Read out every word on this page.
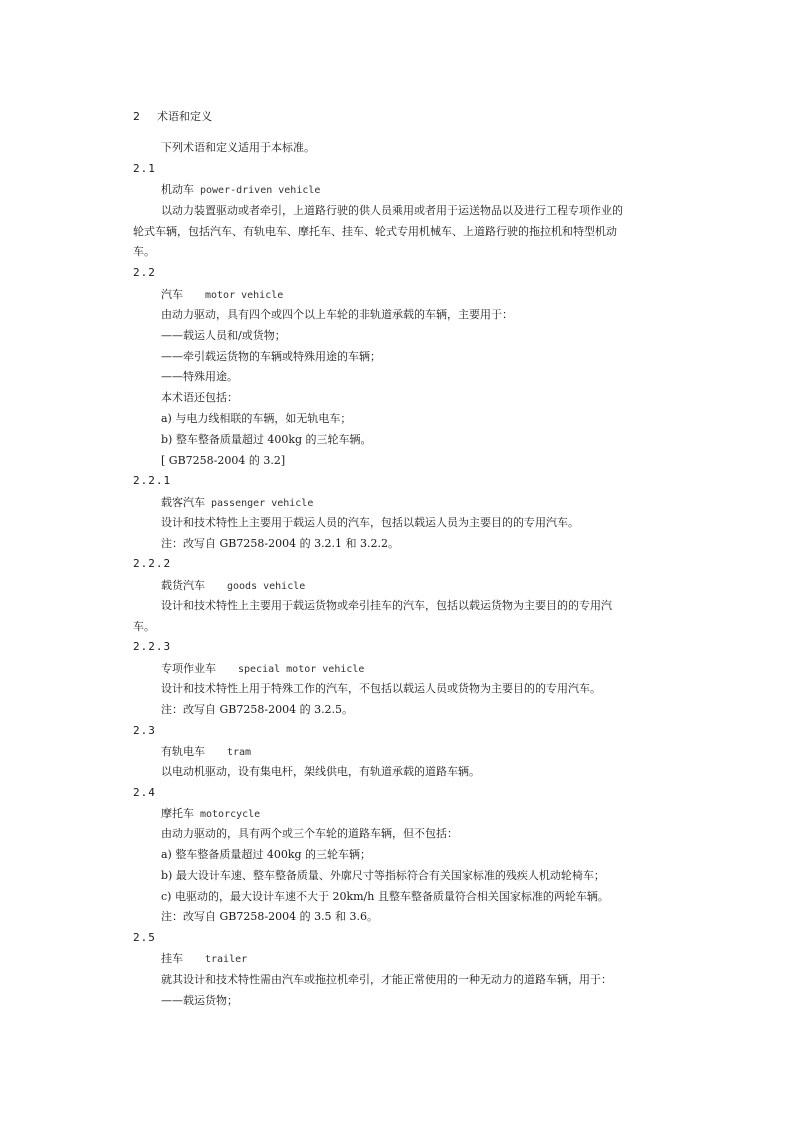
2 术语和定义
下列术语和定义适用于本标准。
2.1
机动车 power-driven vehicle
以动力装置驱动或者牵引，上道路行驶的供人员乘用或者用于运送物品以及进行工程专项作业的
轮式车辆，包括汽车、有轨电车、摩托车、挂车、轮式专用机械车、上道路行驶的拖拉机和特型机动
车。
2.2
汽车 motor vehicle
由动力驱动，具有四个或四个以上车轮的非轨道承载的车辆，主要用于：
——载运人员和/或货物；
——牵引载运货物的车辆或特殊用途的车辆；
——特殊用途。
本术语还包括：
a) 与电力线相联的车辆，如无轨电车；
b) 整车整备质量超过 400kg 的三轮车辆。
[ GB7258-2004 的 3.2]
2.2.1
载客汽车 passenger vehicle
设计和技术特性上主要用于载运人员的汽车，包括以载运人员为主要目的的专用汽车。
注：改写自 GB7258-2004 的 3.2.1 和 3.2.2。
2.2.2
载货汽车 goods vehicle
设计和技术特性上主要用于载运货物或牵引挂车的汽车，包括以载运货物为主要目的的专用汽
车。
2.2.3
专项作业车 special motor vehicle
设计和技术特性上用于特殊工作的汽车，不包括以载运人员或货物为主要目的的专用汽车。
注：改写自 GB7258-2004 的 3.2.5。
2.3
有轨电车 tram
以电动机驱动，设有集电杆，架线供电，有轨道承载的道路车辆。
2.4
摩托车 motorcycle
由动力驱动的，具有两个或三个车轮的道路车辆，但不包括：
a) 整车整备质量超过 400kg 的三轮车辆；
b) 最大设计车速、整车整备质量、外廓尺寸等指标符合有关国家标准的残疾人机动轮椅车；
c) 电驱动的，最大设计车速不大于 20km/h 且整车整备质量符合相关国家标准的两轮车辆。
注：改写自 GB7258-2004 的 3.5 和 3.6。
2.5
挂车 trailer
就其设计和技术特性需由汽车或拖拉机牵引，才能正常使用的一种无动力的道路车辆，用于：
——载运货物；
